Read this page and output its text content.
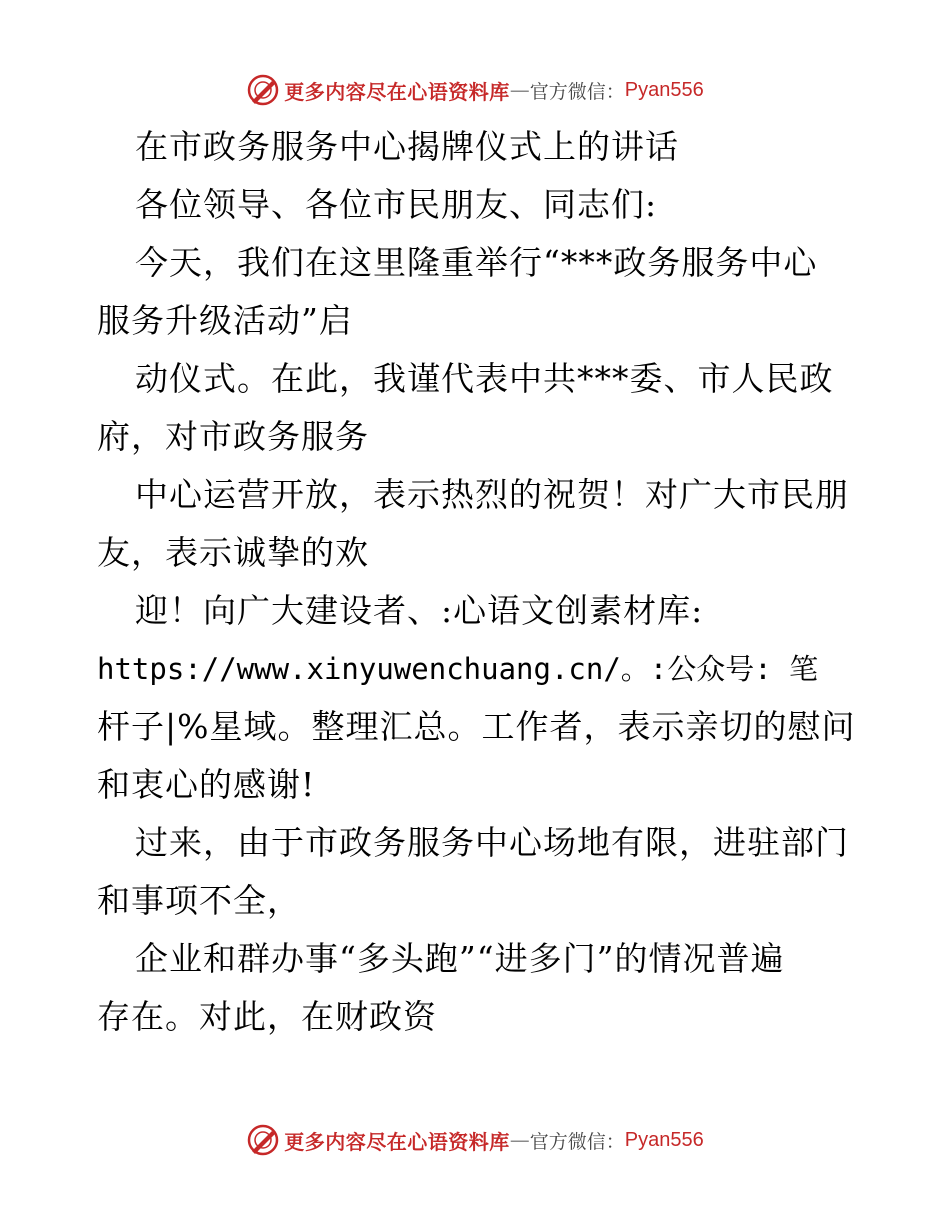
更多内容尽在心语资料库 — 官方微信： Pyan556
在市政务服务中心揭牌仪式上的讲话
各位领导、各位市民朋友、同志们:
今天，我们在这里隆重举行“***政务服务中心
服务升级活动”启
动仪式。在此，我谨代表中共***委、市人民政
府，对市政务服务
中心运营开放，表示热烈的祝贺！对广大市民朋
友，表示诚挚的欢
迎！向广大建设者、:心语文创素材库:
https://www.xinyuwenchuang.cn/。:公众号: 笔
杆子|%星域。整理汇总。工作者，表示亲切的慰问
和衷心的感谢!
过来，由于市政务服务中心场地有限，进驻部门
和事项不全，
企业和群办事“多头跑”“进多门”的情况普遍
存在。对此，在财政资
更多内容尽在心语资料库 — 官方微信： Pyan556
